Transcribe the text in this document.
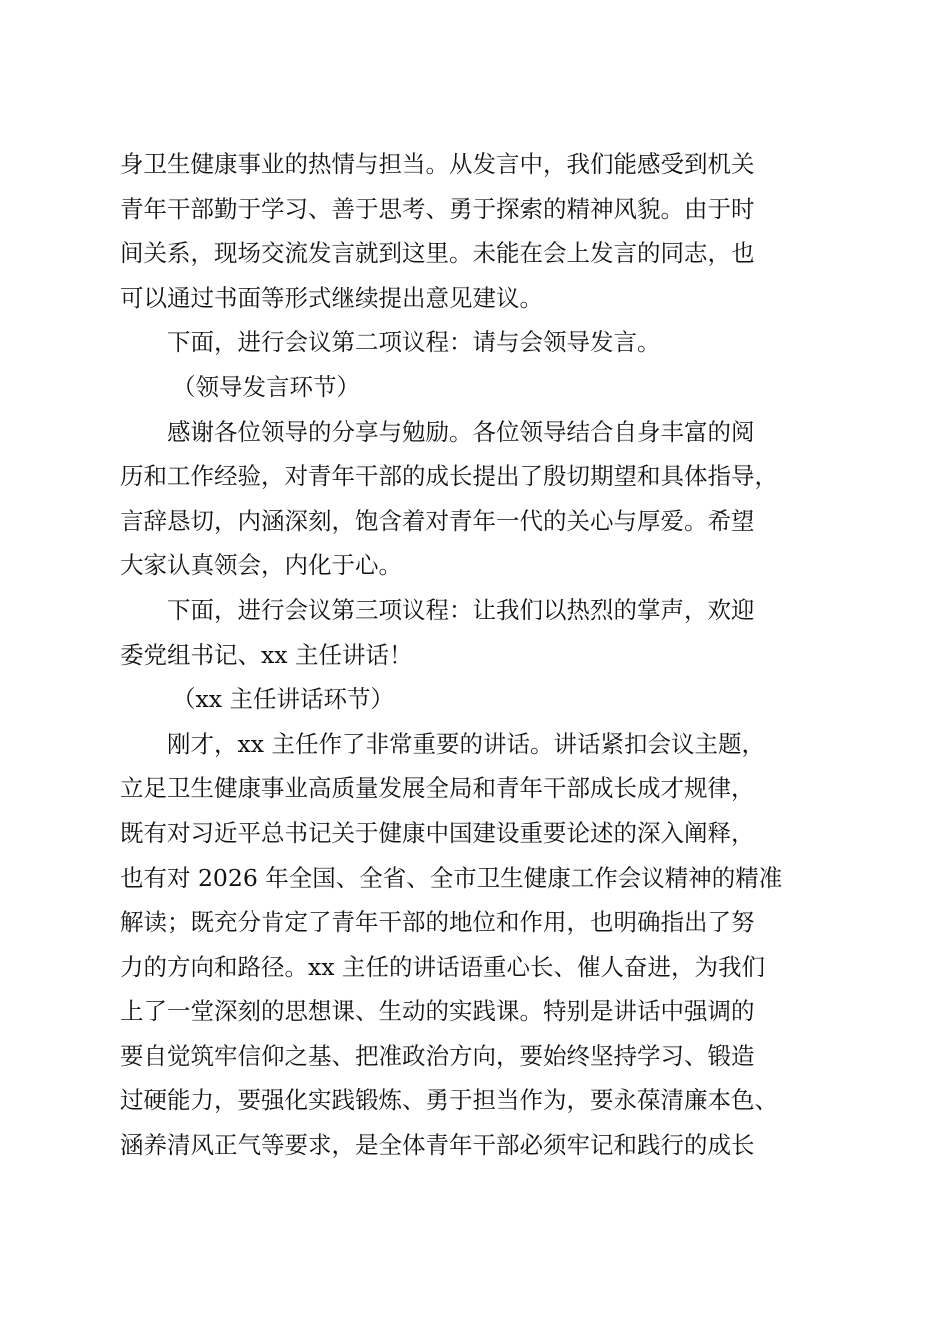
身卫生健康事业的热情与担当。从发言中，我们能感受到机关
青年干部勤于学习、善于思考、勇于探索的精神风貌。由于时
间关系，现场交流发言就到这里。未能在会上发言的同志，也
可以通过书面等形式继续提出意见建议。
下面，进行会议第二项议程：请与会领导发言。
（领导发言环节）
感谢各位领导的分享与勉励。各位领导结合自身丰富的阅
历和工作经验，对青年干部的成长提出了殷切期望和具体指导，
言辞恳切，内涵深刻，饱含着对青年一代的关心与厚爱。希望
大家认真领会，内化于心。
下面，进行会议第三项议程：让我们以热烈的掌声，欢迎
委党组书记、xx 主任讲话！
（xx 主任讲话环节）
刚才，xx 主任作了非常重要的讲话。讲话紧扣会议主题，
立足卫生健康事业高质量发展全局和青年干部成长成才规律，
既有对习近平总书记关于健康中国建设重要论述的深入阐释，
也有对 2026 年全国、全省、全市卫生健康工作会议精神的精准
解读；既充分肯定了青年干部的地位和作用，也明确指出了努
力的方向和路径。xx 主任的讲话语重心长、催人奋进，为我们
上了一堂深刻的思想课、生动的实践课。特别是讲话中强调的
要自觉筑牢信仰之基、把准政治方向，要始终坚持学习、锻造
过硬能力，要强化实践锻炼、勇于担当作为，要永葆清廉本色、
涵养清风正气等要求，是全体青年干部必须牢记和践行的成长
